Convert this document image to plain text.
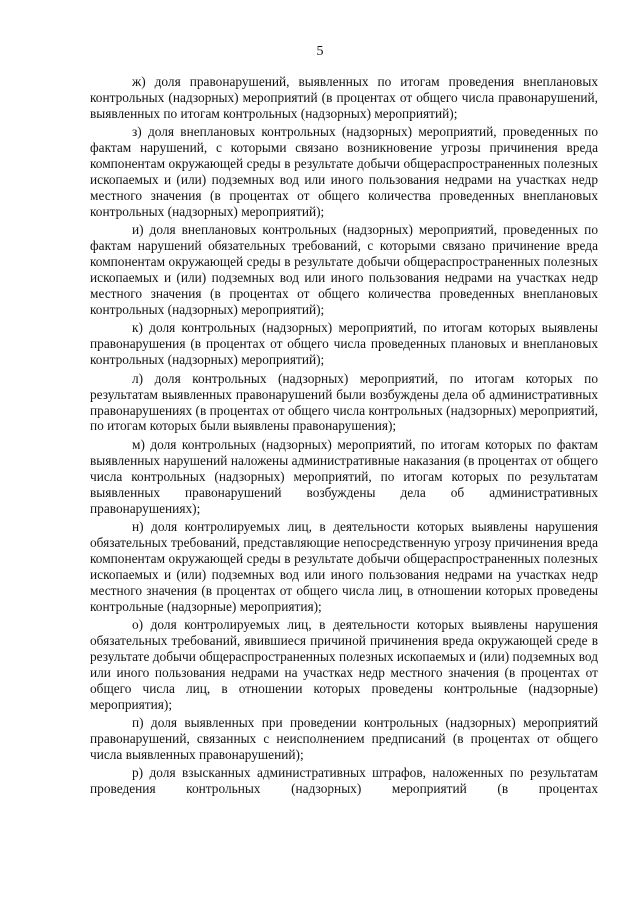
5

ж) доля правонарушений, выявленных по итогам проведения внеплановых контрольных (надзорных) мероприятий (в процентах от общего числа правонарушений, выявленных по итогам контрольных (надзорных) мероприятий);

з) доля внеплановых контрольных (надзорных) мероприятий, проведенных по фактам нарушений, с которыми связано возникновение угрозы причинения вреда компонентам окружающей среды в результате добычи общераспространенных полезных ископаемых и (или) подземных вод или иного пользования недрами на участках недр местного значения (в процентах от общего количества проведенных внеплановых контрольных (надзорных) мероприятий);

и) доля внеплановых контрольных (надзорных) мероприятий, проведенных по фактам нарушений обязательных требований, с которыми связано причинение вреда компонентам окружающей среды в результате добычи общераспространенных полезных ископаемых и (или) подземных вод или иного пользования недрами на участках недр местного значения (в процентах от общего количества проведенных внеплановых контрольных (надзорных) мероприятий);

к) доля контрольных (надзорных) мероприятий, по итогам которых выявлены правонарушения (в процентах от общего числа проведенных плановых и внеплановых контрольных (надзорных) мероприятий);

л) доля контрольных (надзорных) мероприятий, по итогам которых по результатам выявленных правонарушений были возбуждены дела об административных правонарушениях (в процентах от общего числа контрольных (надзорных) мероприятий, по итогам которых были выявлены правонарушения);

м) доля контрольных (надзорных) мероприятий, по итогам которых по фактам выявленных нарушений наложены административные наказания (в процентах от общего числа контрольных (надзорных) мероприятий, по итогам которых по результатам выявленных правонарушений возбуждены дела об административных правонарушениях);

н) доля контролируемых лиц, в деятельности которых выявлены нарушения обязательных требований, представляющие непосредственную угрозу причинения вреда компонентам окружающей среды в результате добычи общераспространенных полезных ископаемых и (или) подземных вод или иного пользования недрами на участках недр местного значения (в процентах от общего числа лиц, в отношении которых проведены контрольные (надзорные) мероприятия);

о) доля контролируемых лиц, в деятельности которых выявлены нарушения обязательных требований, явившиеся причиной причинения вреда окружающей среде в результате добычи общераспространенных полезных ископаемых и (или) подземных вод или иного пользования недрами на участках недр местного значения (в процентах от общего числа лиц, в отношении которых проведены контрольные (надзорные) мероприятия);

п) доля выявленных при проведении контрольных (надзорных) мероприятий правонарушений, связанных с неисполнением предписаний (в процентах от общего числа выявленных правонарушений);

р) доля взысканных административных штрафов, наложенных по результатам проведения контрольных (надзорных) мероприятий (в процентах
